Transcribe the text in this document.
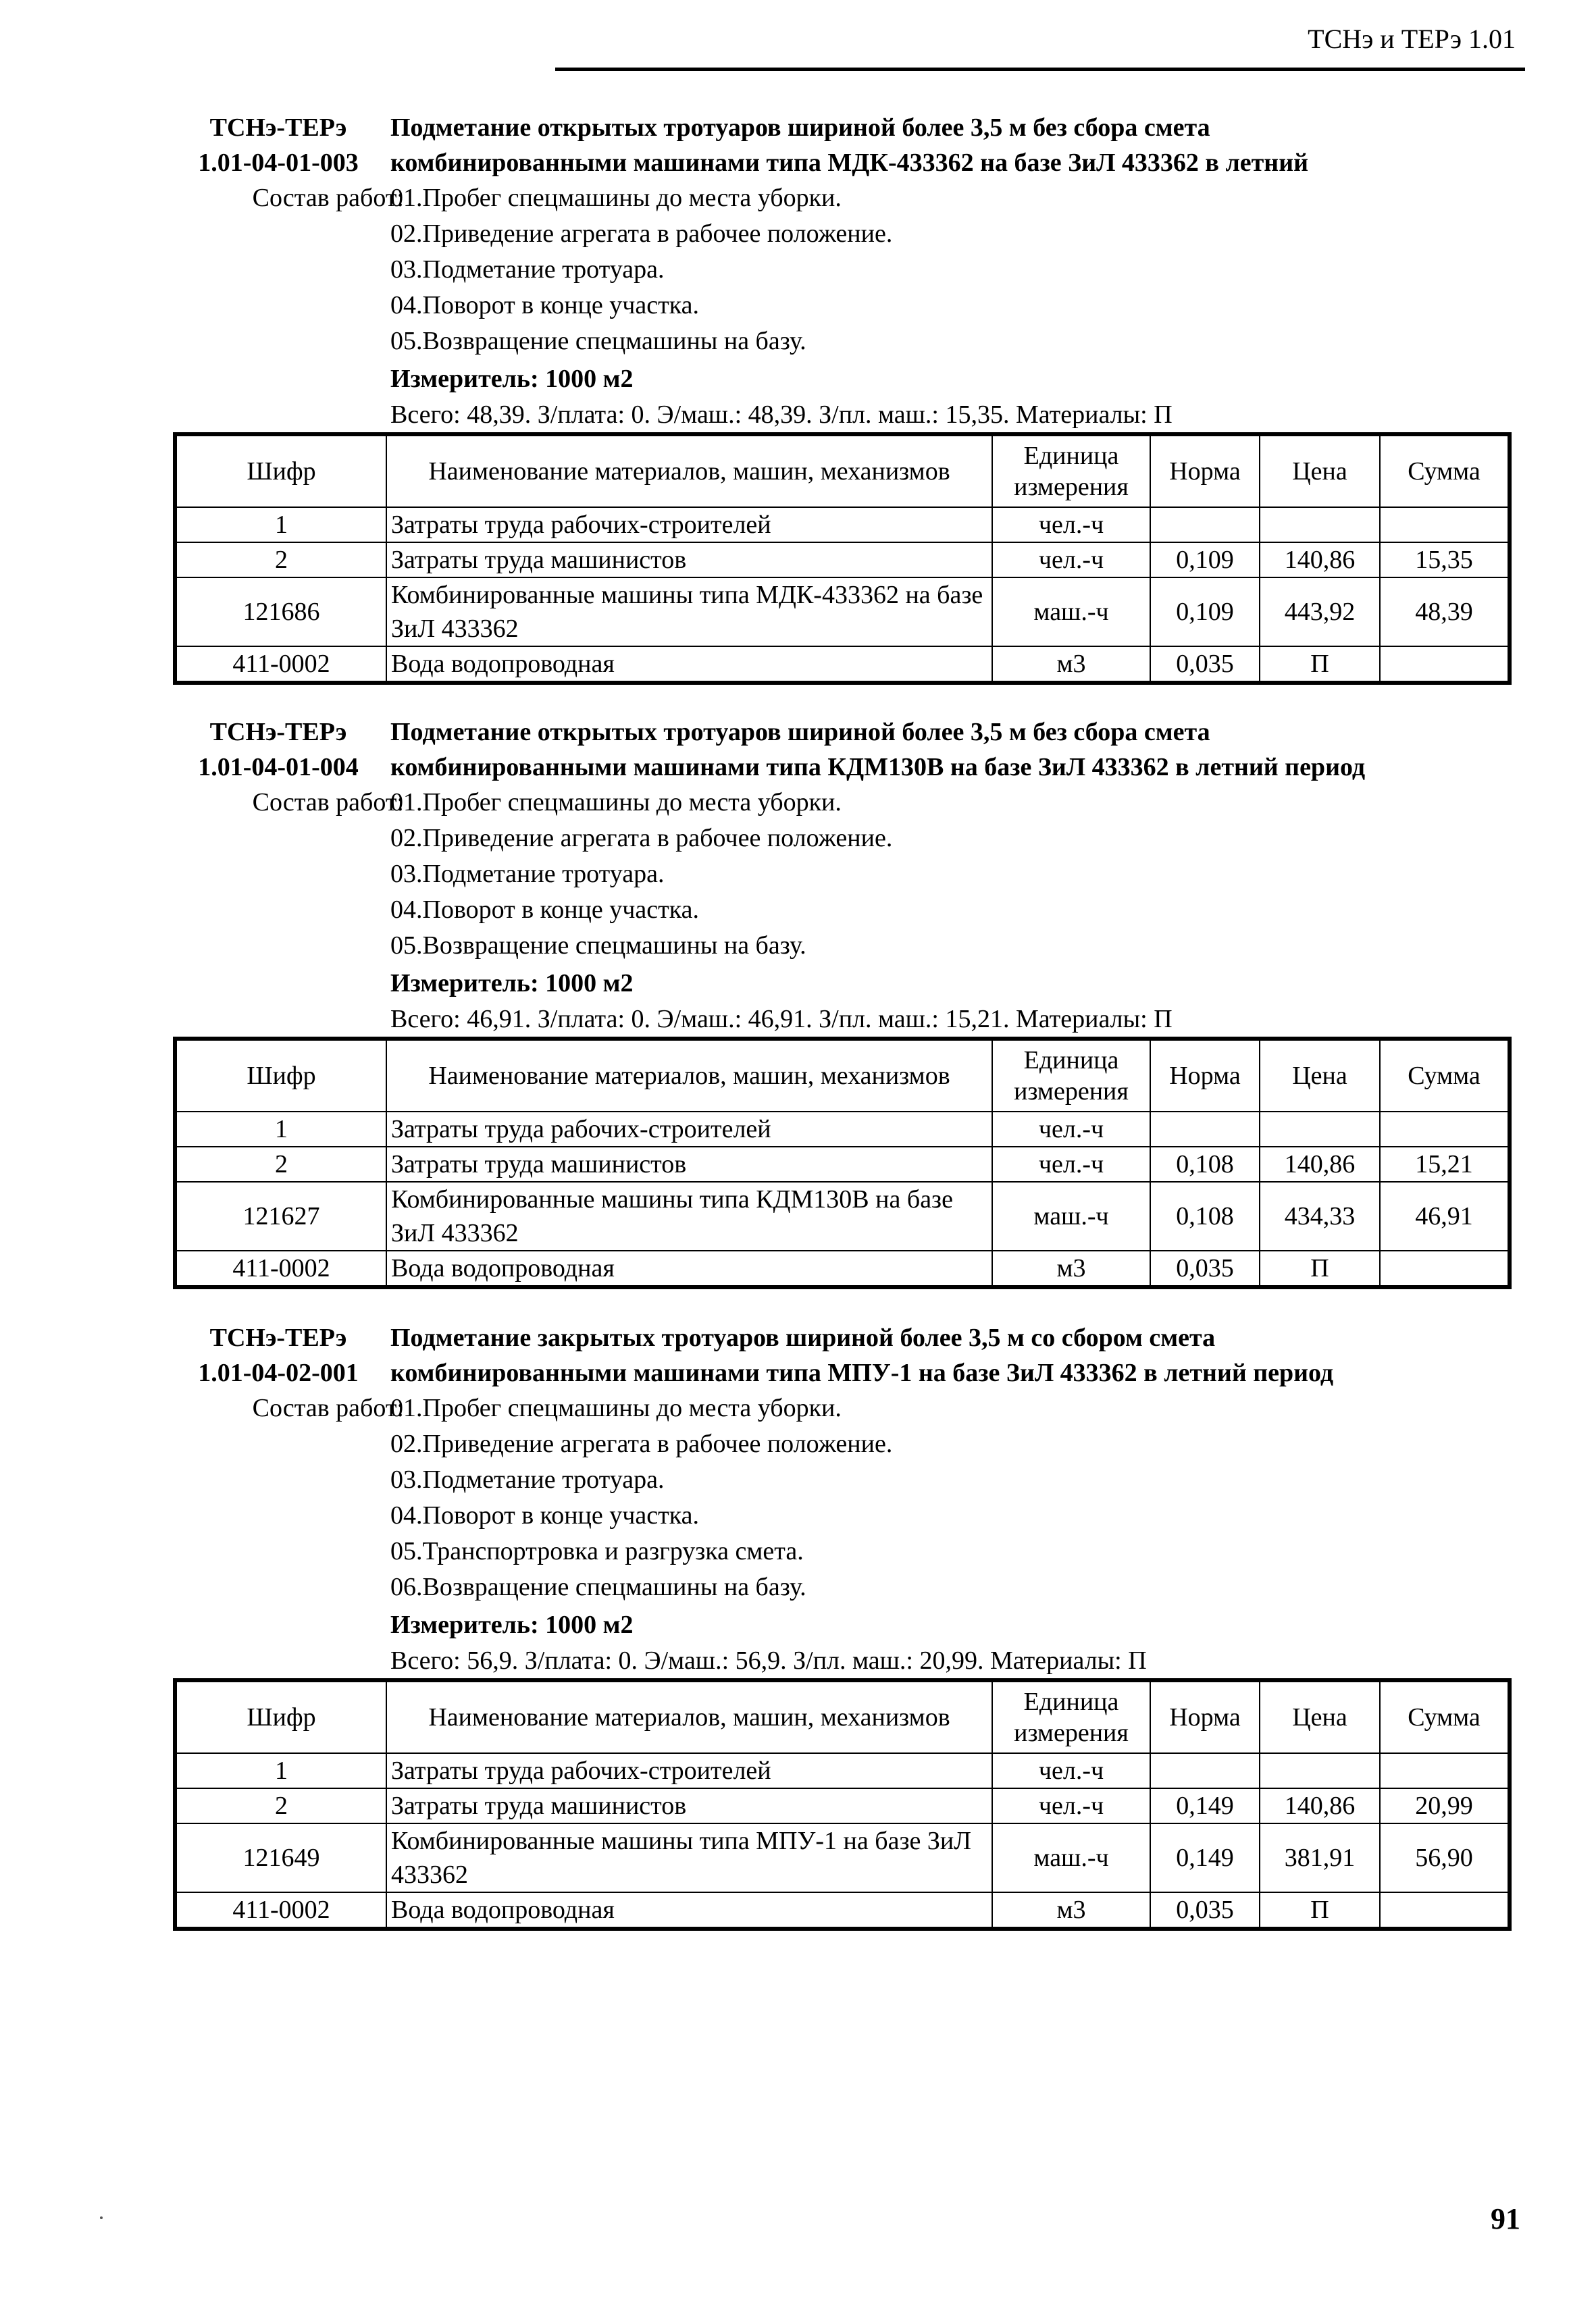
ТСНэ и ТЕРэ 1.01
ТСНэ-ТЕРэ
1.01-04-01-003
Подметание открытых тротуаров шириной более 3,5 м без сбора смета
комбинированными машинами типа МДК-433362 на базе ЗиЛ 433362 в летний
Состав работ:
01.Пробег спецмашины до места уборки.
02.Приведение агрегата в рабочее положение.
03.Подметание тротуара.
04.Поворот в конце участка.
05.Возвращение спецмашины на базу.
Измеритель: 1000 м2
Всего: 48,39. З/плата: 0. Э/маш.: 48,39. З/пл. маш.: 15,35. Материалы: П
Шифр	Наименование материалов, машин, механизмов	Единица измерения	Норма	Цена	Сумма
1	Затраты труда рабочих-строителей	чел.-ч			
2	Затраты труда машинистов	чел.-ч	0,109	140,86	15,35
121686	Комбинированные машины типа МДК-433362 на базе ЗиЛ 433362	маш.-ч	0,109	443,92	48,39
411-0002	Вода водопроводная	м3	0,035	П	
ТСНэ-ТЕРэ
1.01-04-01-004
Подметание открытых тротуаров шириной более 3,5 м без сбора смета
комбинированными машинами типа КДМ130В на базе ЗиЛ 433362 в летний период
Состав работ:
01.Пробег спецмашины до места уборки.
02.Приведение агрегата в рабочее положение.
03.Подметание тротуара.
04.Поворот в конце участка.
05.Возвращение спецмашины на базу.
Измеритель: 1000 м2
Всего: 46,91. З/плата: 0. Э/маш.: 46,91. З/пл. маш.: 15,21. Материалы: П
Шифр	Наименование материалов, машин, механизмов	Единица измерения	Норма	Цена	Сумма
1	Затраты труда рабочих-строителей	чел.-ч			
2	Затраты труда машинистов	чел.-ч	0,108	140,86	15,21
121627	Комбинированные машины типа КДМ130В на базе ЗиЛ 433362	маш.-ч	0,108	434,33	46,91
411-0002	Вода водопроводная	м3	0,035	П	
ТСНэ-ТЕРэ
1.01-04-02-001
Подметание закрытых тротуаров шириной более 3,5 м со сбором смета
комбинированными машинами типа МПУ-1 на базе ЗиЛ 433362 в летний период
Состав работ:
01.Пробег спецмашины до места уборки.
02.Приведение агрегата в рабочее положение.
03.Подметание тротуара.
04.Поворот в конце участка.
05.Транспортровка и разгрузка смета.
06.Возвращение спецмашины на базу.
Измеритель: 1000 м2
Всего: 56,9. З/плата: 0. Э/маш.: 56,9. З/пл. маш.: 20,99. Материалы: П
Шифр	Наименование материалов, машин, механизмов	Единица измерения	Норма	Цена	Сумма
1	Затраты труда рабочих-строителей	чел.-ч			
2	Затраты труда машинистов	чел.-ч	0,149	140,86	20,99
121649	Комбинированные машины типа МПУ-1 на базе ЗиЛ 433362	маш.-ч	0,149	381,91	56,90
411-0002	Вода водопроводная	м3	0,035	П	
91
